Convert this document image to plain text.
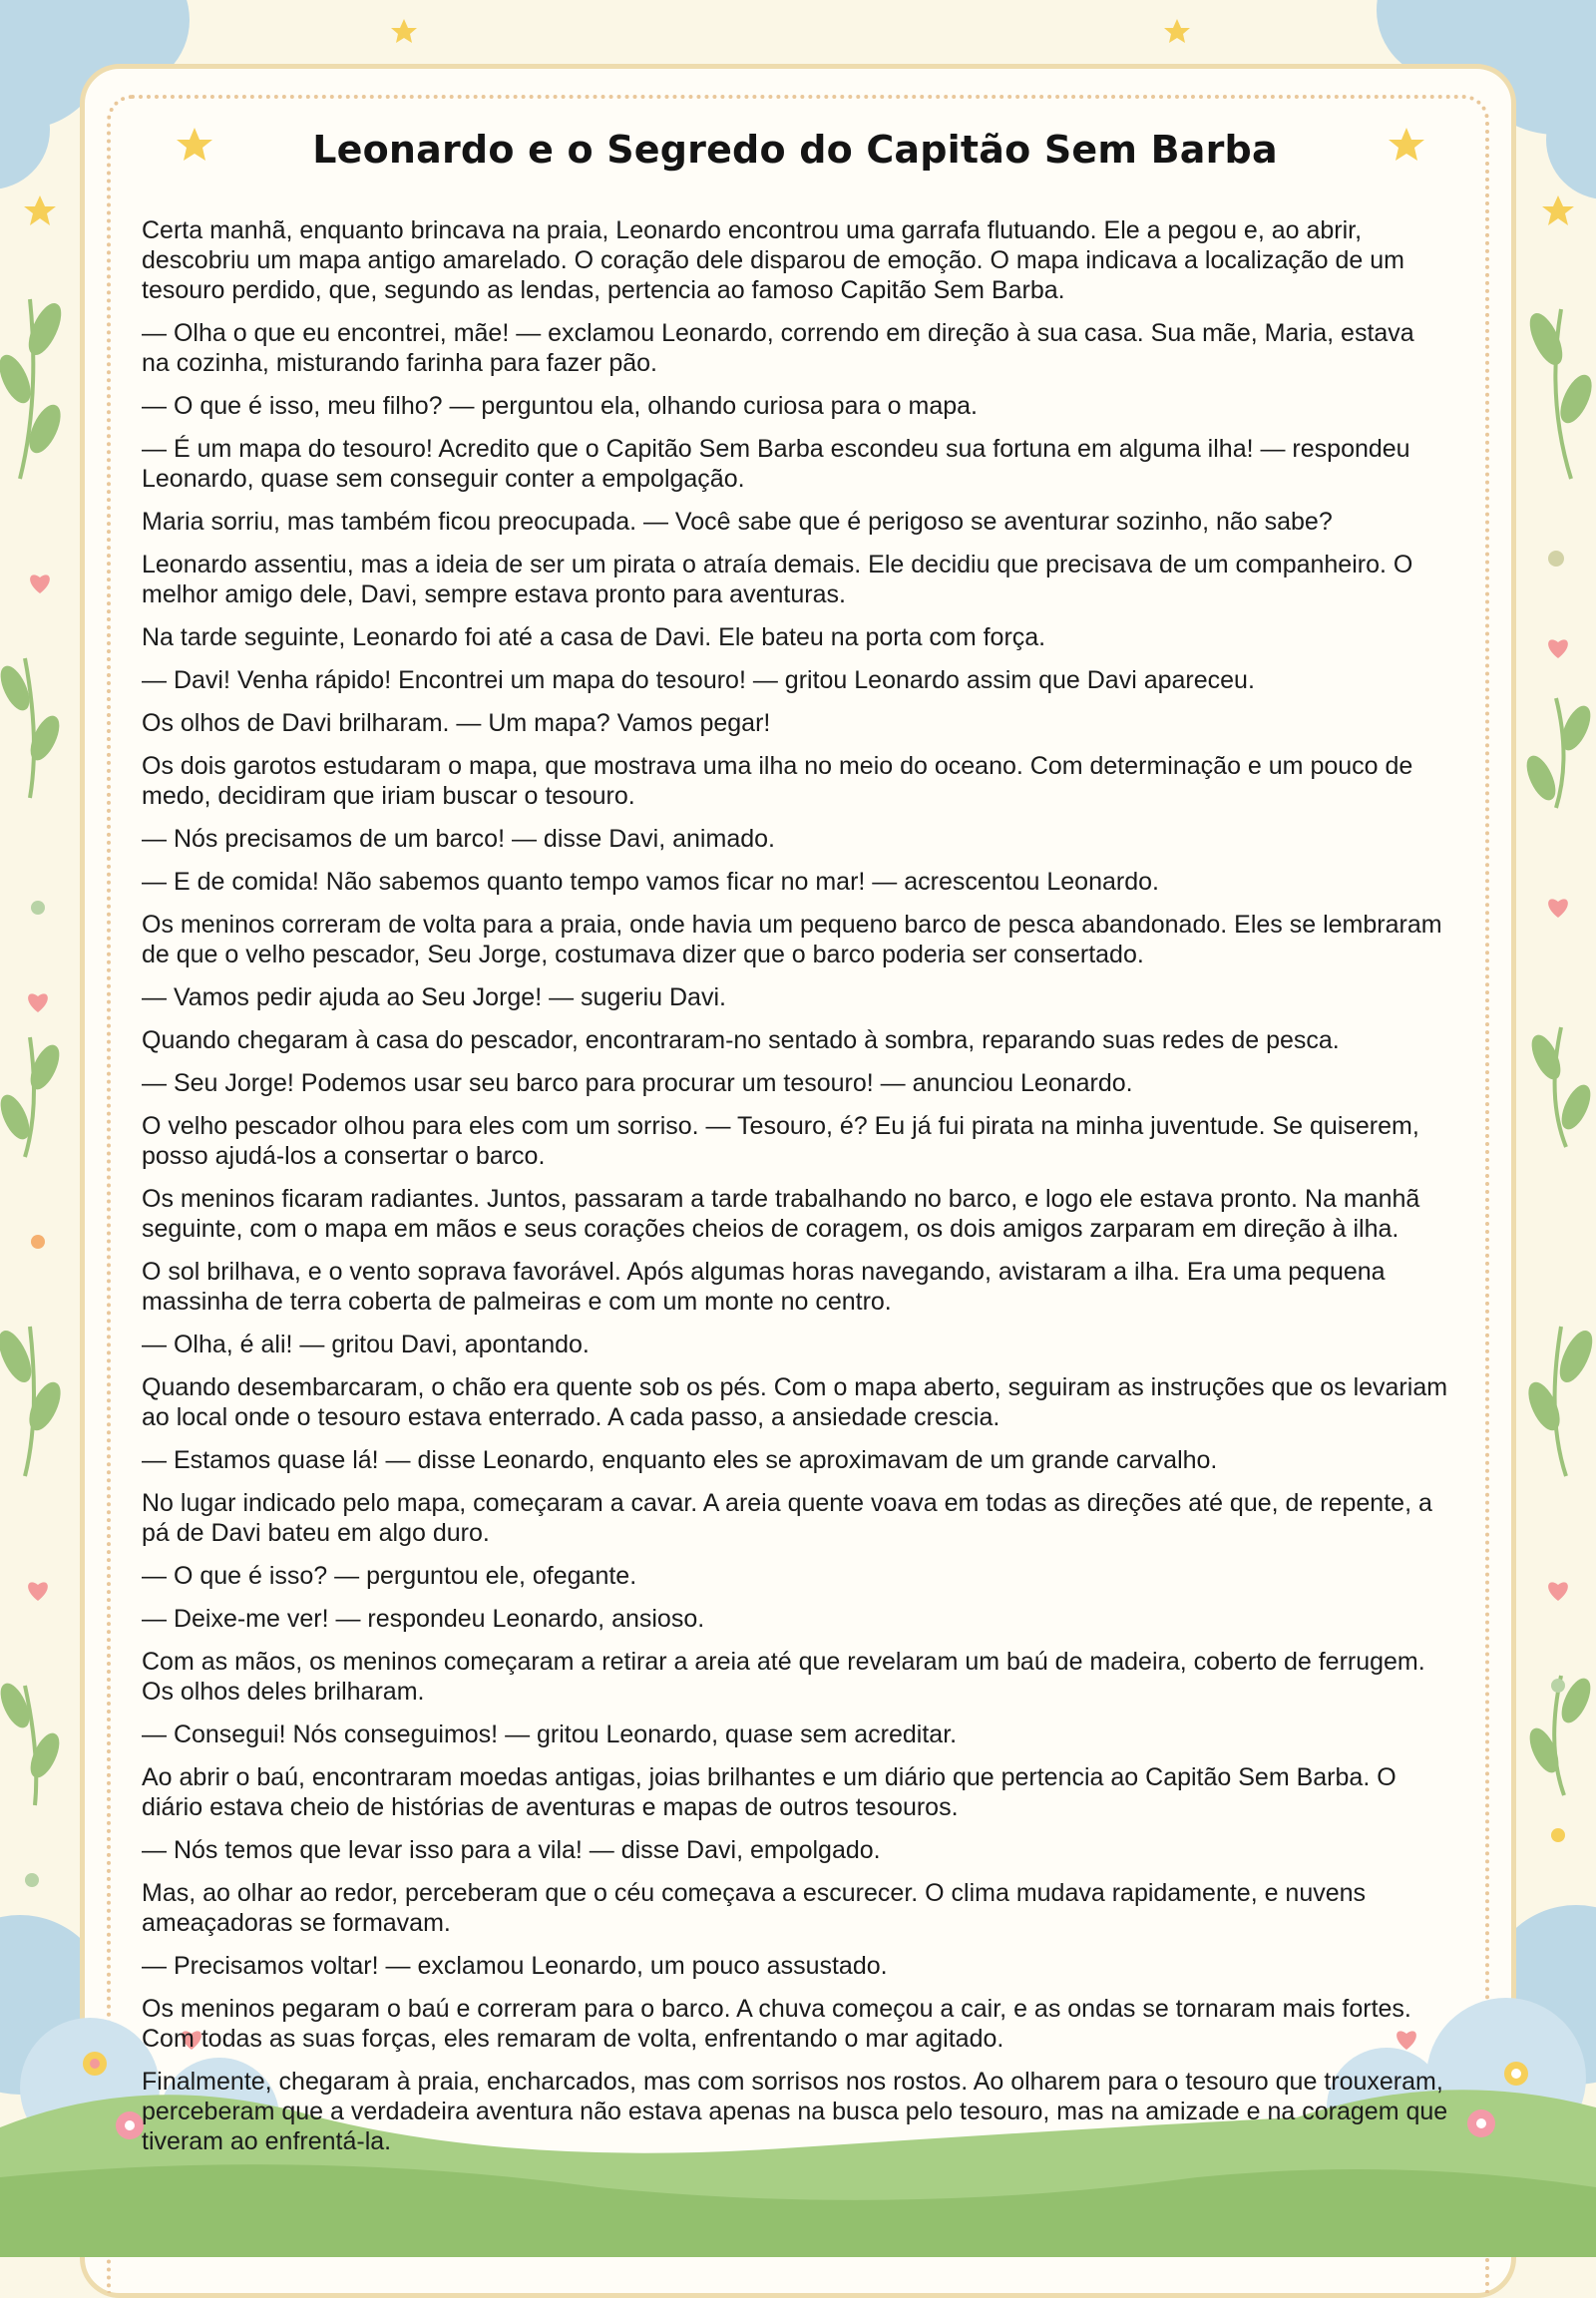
Leonardo e o Segredo do Capitão Sem Barba

Certa manhã, enquanto brincava na praia, Leonardo encontrou uma garrafa flutuando. Ele a pegou e, ao abrir, descobriu um mapa antigo amarelado. O coração dele disparou de emoção. O mapa indicava a localização de um tesouro perdido, que, segundo as lendas, pertencia ao famoso Capitão Sem Barba.

— Olha o que eu encontrei, mãe! — exclamou Leonardo, correndo em direção à sua casa. Sua mãe, Maria, estava na cozinha, misturando farinha para fazer pão.

— O que é isso, meu filho? — perguntou ela, olhando curiosa para o mapa.

— É um mapa do tesouro! Acredito que o Capitão Sem Barba escondeu sua fortuna em alguma ilha! — respondeu Leonardo, quase sem conseguir conter a empolgação.

Maria sorriu, mas também ficou preocupada. — Você sabe que é perigoso se aventurar sozinho, não sabe?

Leonardo assentiu, mas a ideia de ser um pirata o atraía demais. Ele decidiu que precisava de um companheiro. O melhor amigo dele, Davi, sempre estava pronto para aventuras.

Na tarde seguinte, Leonardo foi até a casa de Davi. Ele bateu na porta com força.

— Davi! Venha rápido! Encontrei um mapa do tesouro! — gritou Leonardo assim que Davi apareceu.

Os olhos de Davi brilharam. — Um mapa? Vamos pegar!

Os dois garotos estudaram o mapa, que mostrava uma ilha no meio do oceano. Com determinação e um pouco de medo, decidiram que iriam buscar o tesouro.

— Nós precisamos de um barco! — disse Davi, animado.

— E de comida! Não sabemos quanto tempo vamos ficar no mar! — acrescentou Leonardo.

Os meninos correram de volta para a praia, onde havia um pequeno barco de pesca abandonado. Eles se lembraram de que o velho pescador, Seu Jorge, costumava dizer que o barco poderia ser consertado.

— Vamos pedir ajuda ao Seu Jorge! — sugeriu Davi.

Quando chegaram à casa do pescador, encontraram-no sentado à sombra, reparando suas redes de pesca.

— Seu Jorge! Podemos usar seu barco para procurar um tesouro! — anunciou Leonardo.

O velho pescador olhou para eles com um sorriso. — Tesouro, é? Eu já fui pirata na minha juventude. Se quiserem, posso ajudá-los a consertar o barco.

Os meninos ficaram radiantes. Juntos, passaram a tarde trabalhando no barco, e logo ele estava pronto. Na manhã seguinte, com o mapa em mãos e seus corações cheios de coragem, os dois amigos zarparam em direção à ilha.

O sol brilhava, e o vento soprava favorável. Após algumas horas navegando, avistaram a ilha. Era uma pequena massinha de terra coberta de palmeiras e com um monte no centro.

— Olha, é ali! — gritou Davi, apontando.

Quando desembarcaram, o chão era quente sob os pés. Com o mapa aberto, seguiram as instruções que os levariam ao local onde o tesouro estava enterrado. A cada passo, a ansiedade crescia.

— Estamos quase lá! — disse Leonardo, enquanto eles se aproximavam de um grande carvalho.

No lugar indicado pelo mapa, começaram a cavar. A areia quente voava em todas as direções até que, de repente, a pá de Davi bateu em algo duro.

— O que é isso? — perguntou ele, ofegante.

— Deixe-me ver! — respondeu Leonardo, ansioso.

Com as mãos, os meninos começaram a retirar a areia até que revelaram um baú de madeira, coberto de ferrugem. Os olhos deles brilharam.

— Consegui! Nós conseguimos! — gritou Leonardo, quase sem acreditar.

Ao abrir o baú, encontraram moedas antigas, joias brilhantes e um diário que pertencia ao Capitão Sem Barba. O diário estava cheio de histórias de aventuras e mapas de outros tesouros.

— Nós temos que levar isso para a vila! — disse Davi, empolgado.

Mas, ao olhar ao redor, perceberam que o céu começava a escurecer. O clima mudava rapidamente, e nuvens ameaçadoras se formavam.

— Precisamos voltar! — exclamou Leonardo, um pouco assustado.

Os meninos pegaram o baú e correram para o barco. A chuva começou a cair, e as ondas se tornaram mais fortes. Com todas as suas forças, eles remaram de volta, enfrentando o mar agitado.

Finalmente, chegaram à praia, encharcados, mas com sorrisos nos rostos. Ao olharem para o tesouro que trouxeram, perceberam que a verdadeira aventura não estava apenas na busca pelo tesouro, mas na amizade e na coragem que tiveram ao enfrentá-la.
